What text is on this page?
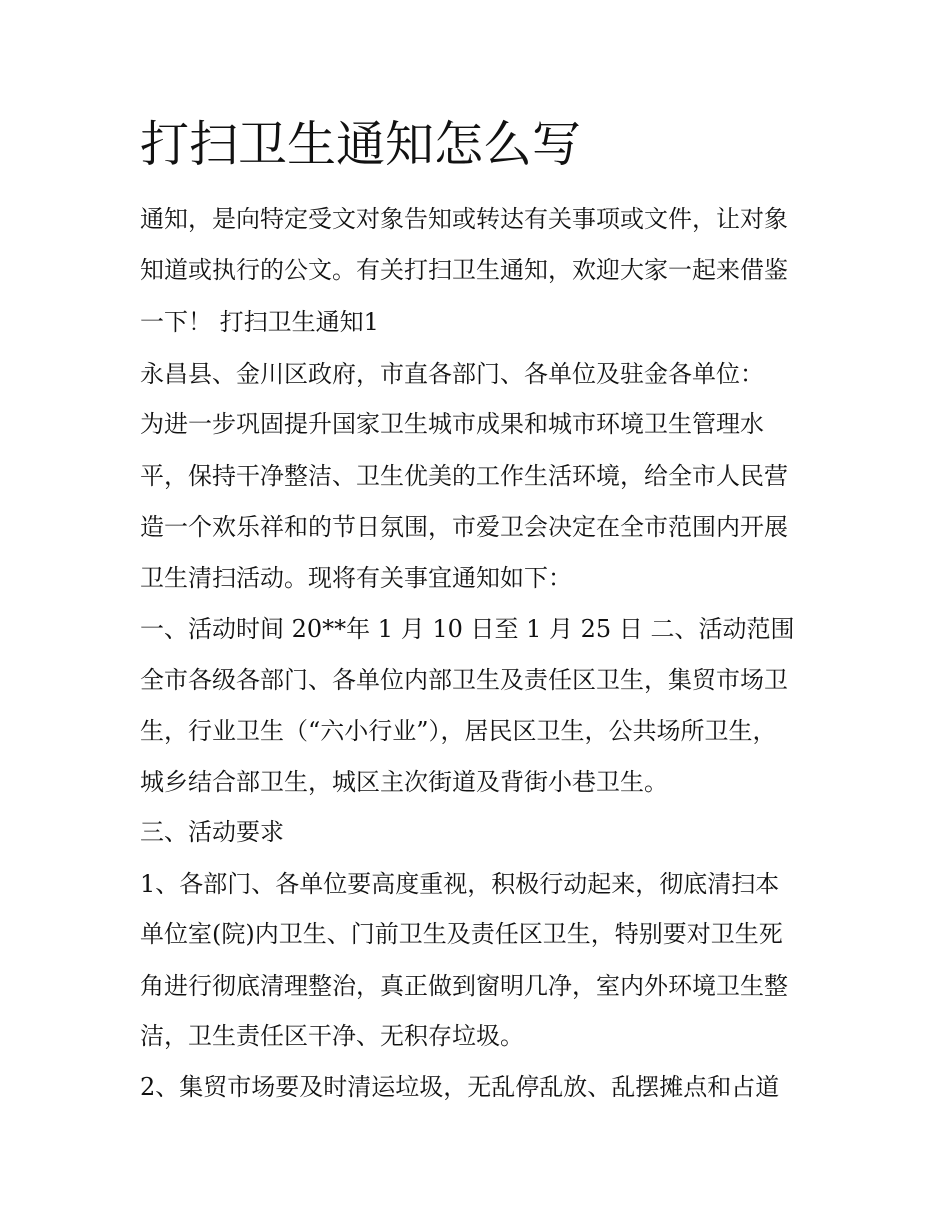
打扫卫生通知怎么写

通知，是向特定受文对象告知或转达有关事项或文件，让对象

知道或执行的公文。有关打扫卫生通知，欢迎大家一起来借鉴

一下！ 打扫卫生通知1

永昌县、金川区政府，市直各部门、各单位及驻金各单位：

为进一步巩固提升国家卫生城市成果和城市环境卫生管理水

平，保持干净整洁、卫生优美的工作生活环境，给全市人民营

造一个欢乐祥和的节日氛围，市爱卫会决定在全市范围内开展

卫生清扫活动。现将有关事宜通知如下：

一、活动时间 20**年 1 月 10 日至 1 月 25 日 二、活动范围

全市各级各部门、各单位内部卫生及责任区卫生，集贸市场卫

生，行业卫生（“六小行业”），居民区卫生，公共场所卫生，

城乡结合部卫生，城区主次街道及背街小巷卫生。

三、活动要求

1、各部门、各单位要高度重视，积极行动起来，彻底清扫本

单位室(院)内卫生、门前卫生及责任区卫生，特别要对卫生死

角进行彻底清理整治，真正做到窗明几净，室内外环境卫生整

洁，卫生责任区干净、无积存垃圾。

2、集贸市场要及时清运垃圾，无乱停乱放、乱摆摊点和占道
